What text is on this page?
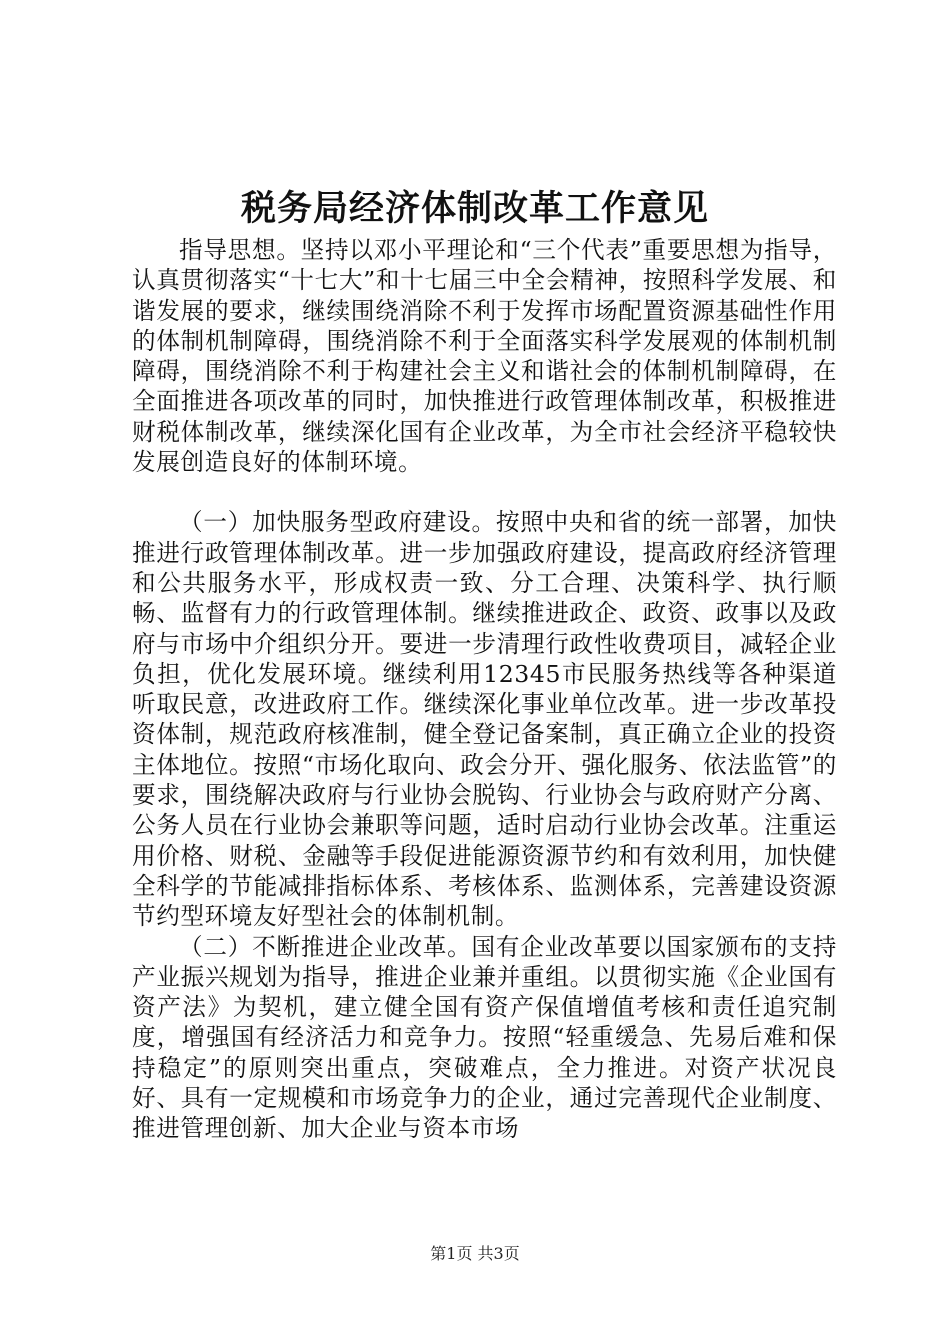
税务局经济体制改革工作意见

指导思想。坚持以邓小平理论和“三个代表”重要思想为指导，认真贯彻落实“十七大”和十七届三中全会精神，按照科学发展、和谐发展的要求，继续围绕消除不利于发挥市场配置资源基础性作用的体制机制障碍，围绕消除不利于全面落实科学发展观的体制机制障碍，围绕消除不利于构建社会主义和谐社会的体制机制障碍，在全面推进各项改革的同时，加快推进行政管理体制改革，积极推进财税体制改革，继续深化国有企业改革，为全市社会经济平稳较快发展创造良好的体制环境。

（一）加快服务型政府建设。按照中央和省的统一部署，加快推进行政管理体制改革。进一步加强政府建设，提高政府经济管理和公共服务水平，形成权责一致、分工合理、决策科学、执行顺畅、监督有力的行政管理体制。继续推进政企、政资、政事以及政府与市场中介组织分开。要进一步清理行政性收费项目，减轻企业负担，优化发展环境。继续利用12345市民服务热线等各种渠道听取民意，改进政府工作。继续深化事业单位改革。进一步改革投资体制，规范政府核准制，健全登记备案制，真正确立企业的投资主体地位。按照“市场化取向、政会分开、强化服务、依法监管”的要求，围绕解决政府与行业协会脱钩、行业协会与政府财产分离、公务人员在行业协会兼职等问题，适时启动行业协会改革。注重运用价格、财税、金融等手段促进能源资源节约和有效利用，加快健全科学的节能减排指标体系、考核体系、监测体系，完善建设资源节约型环境友好型社会的体制机制。

（二）不断推进企业改革。国有企业改革要以国家颁布的支持产业振兴规划为指导，推进企业兼并重组。以贯彻实施《企业国有资产法》为契机，建立健全国有资产保值增值考核和责任追究制度，增强国有经济活力和竞争力。按照“轻重缓急、先易后难和保持稳定”的原则突出重点，突破难点，全力推进。对资产状况良好、具有一定规模和市场竞争力的企业，通过完善现代企业制度、推进管理创新、加大企业与资本市场

第1页 共3页
